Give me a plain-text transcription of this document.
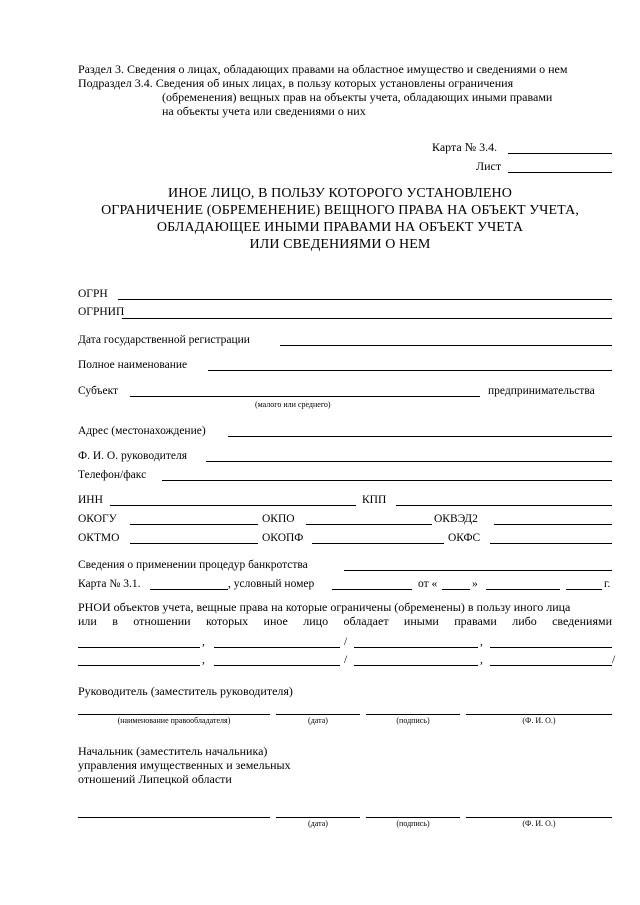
Раздел 3. Сведения о лицах, обладающих правами на областное имущество и сведениями о нем
Подраздел 3.4. Сведения об иных лицах, в пользу которых установлены ограничения
(обременения) вещных прав на объекты учета, обладающих иными правами
на объекты учета или сведениями о них
Карта № 3.4.
Лист
ИНОЕ ЛИЦО, В ПОЛЬЗУ КОТОРОГО УСТАНОВЛЕНО
ОГРАНИЧЕНИЕ (ОБРЕМЕНЕНИЕ) ВЕЩНОГО ПРАВА НА ОБЪЕКТ УЧЕТА,
ОБЛАДАЮЩЕЕ ИНЫМИ ПРАВАМИ НА ОБЪЕКТ УЧЕТА
ИЛИ СВЕДЕНИЯМИ О НЕМ
ОГРН
ОГРНИП
Дата государственной регистрации
Полное наименование
Субъект	предпринимательства
(малого или среднего)
Адрес (местонахождение)
Ф. И. О. руководителя
Телефон/факс
ИНН	КПП
ОКОГУ	ОКПО	ОКВЭД2
ОКТМО	ОКОПФ	ОКФС
Сведения о применении процедур банкротства
Карта № 3.1.	, условный номер	от «	»	г.
РНОИ объектов учета, вещные права на которые ограничены (обременены) в пользу иного лица
или в отношении которых иное лицо обладает иными правами либо сведениями
,	/	,
,	/	,	/
Руководитель (заместитель руководителя)
(наименование правообладателя)	(дата)	(подпись)	(Ф. И. О.)
Начальник (заместитель начальника)
управления имущественных и земельных
отношений Липецкой области
(дата)	(подпись)	(Ф. И. О.)
